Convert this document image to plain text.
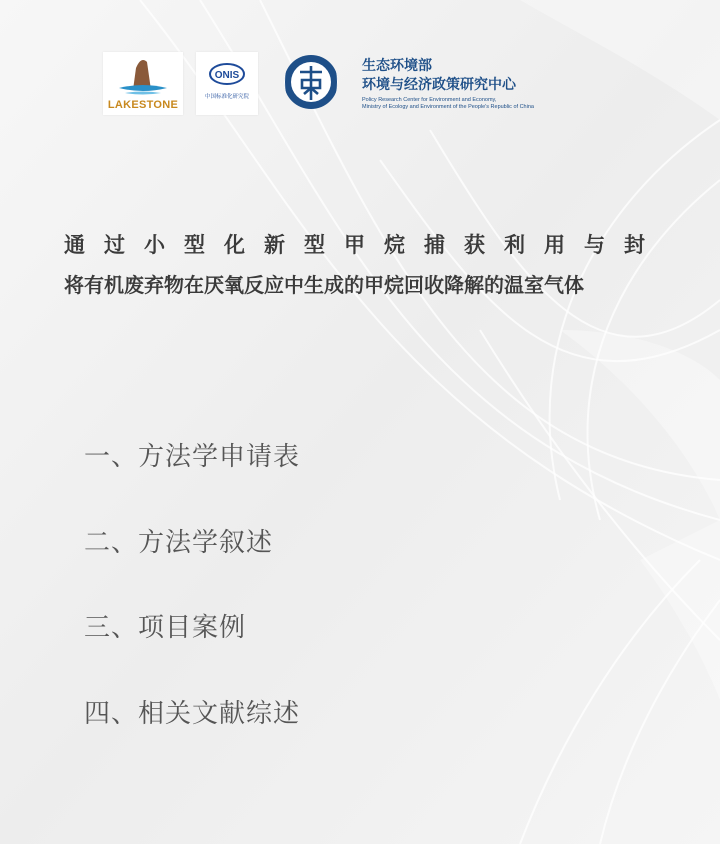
LAKESTONE
ONIS
中国标准化研究院
生态环境部
环境与经济政策研究中心
Policy Research Center for Environment and Economy,
Ministry of Ecology and Environment of the People's Republic of China
通过小型化新型甲烷捕获利用与封
将有机废弃物在厌氧反应中生成的甲烷回收降解的温室气体
一、方法学申请表
二、方法学叙述
三、项目案例
四、相关文献综述
